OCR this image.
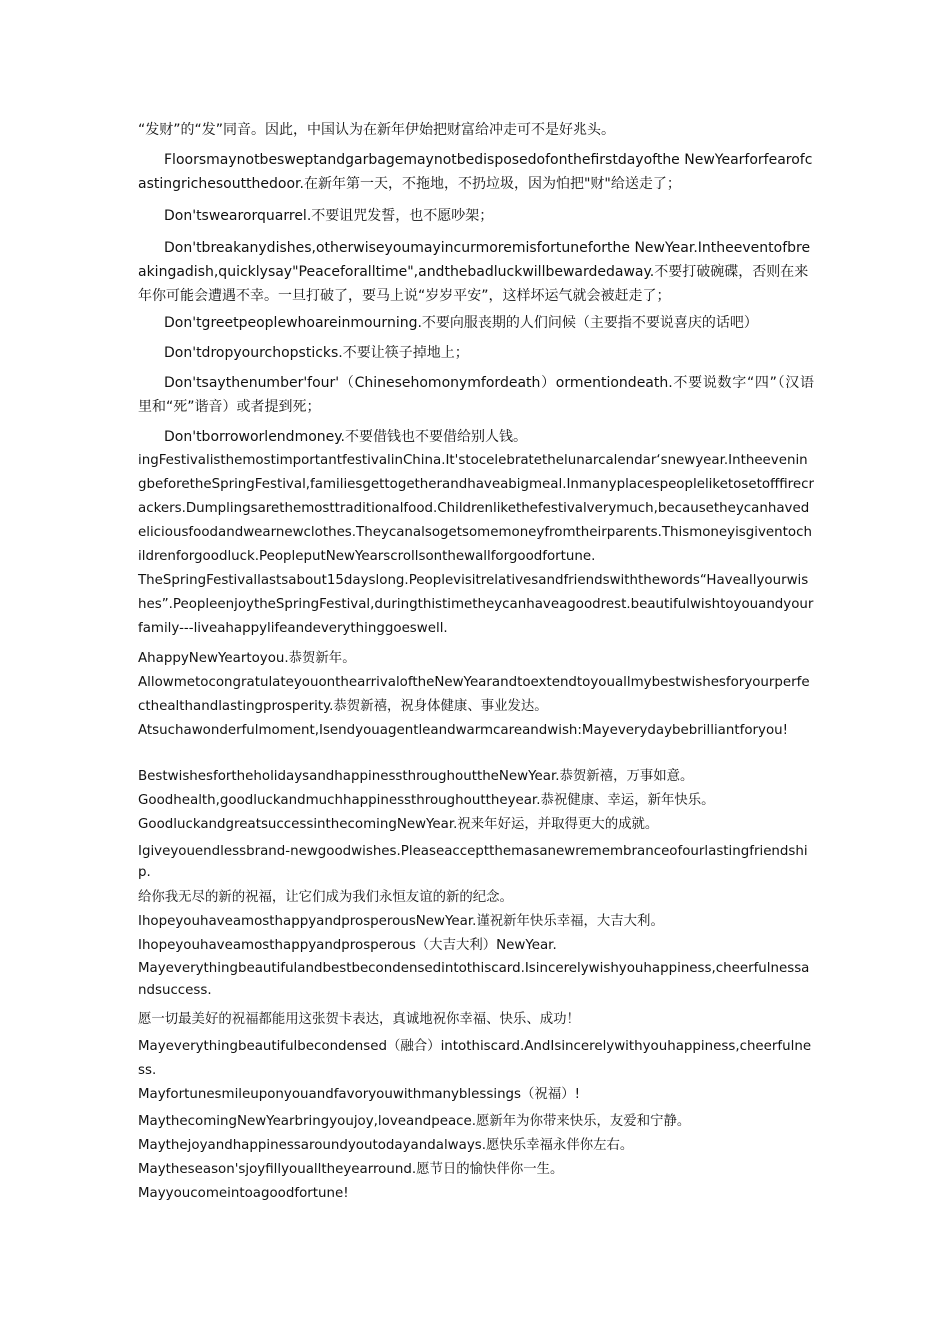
“发财”的“发”同音。因此，中国认为在新年伊始把财富给冲走可不是好兆头。

Floorsmaynotbesweptandgarbagemaynotbedisposedofonthefirstdayofthe NewYearforfearofcastingrichesoutthedoor.在新年第一天，不拖地，不扔垃圾，因为怕把"财"给送走了；

Don'tswearorquarrel.不要诅咒发誓，也不愿吵架；

Don'tbreakanydishes,otherwiseyoumayincurmoremisfortuneforthe NewYear.Intheeventofbreakingadish,quicklysay"Peaceforalltime",andthebadluckwillbewardedaway.不要打破碗碟，否则在来年你可能会遭遇不幸。一旦打破了，要马上说“岁岁平安”，这样坏运气就会被赶走了；

Don'tgreetpeoplewhoareinmourning.不要向服丧期的人们问候（主要指不要说喜庆的话吧）

Don'tdropyourchopsticks.不要让筷子掉地上；

Don'tsaythenumber'four'（Chinesehomonymfordeath）ormentiondeath.不要说数字“四”（汉语里和“死”谐音）或者提到死；

Don'tborroworlendmoney.不要借钱也不要借给别人钱。

ingFestivalisthemostimportantfestivalinChina.It'stocelebratethelunarcalendar‘snewyear.IntheeveningbeforetheSpringFestival,familiesgettogetherandhaveabigmeal.Inmanyplacespeopleliketosetofffirecrackers.Dumplingsarethemosttraditionalfood.Childrenlikethefestivalverymuch,becausetheycanhavedeliciousfoodandwearnewclothes.Theycanalsogetsomemoneyfromtheirparents.Thismoneyisgiventochildrenforgoodluck.PeopleputNewYearscrollsonthewallforgoodfortune.

TheSpringFestivallastsabout15dayslong.Peoplevisitrelativesandfriendswiththewords“Haveallyourwishes”.PeopleenjoytheSpringFestival,duringthistimetheycanhaveagoodrest.beautifulwishtoyouandyourfamily---liveahappylifeandeverythinggoeswell.

AhappyNewYeartoyou.恭贺新年。

AllowmetocongratulateyouonthearrivaloftheNewYearandtoextendtoyouallmybestwishesforyourperfecthealthandlastingprosperity.恭贺新禧，祝身体健康、事业发达。

Atsuchawonderfulmoment,Isendyouagentleandwarmcareandwish:Mayeverydaybebrilliantforyou!

BestwishesfortheholidaysandhappinessthroughouttheNewYear.恭贺新禧，万事如意。

Goodhealth,goodluckandmuchhappinessthroughouttheyear.恭祝健康、幸运，新年快乐。

GoodluckandgreatsuccessinthecomingNewYear.祝来年好运，并取得更大的成就。

Igiveyouendlessbrand-newgoodwishes.Pleaseacceptthemasanewremembranceofourlastingfriendship.

给你我无尽的新的祝福，让它们成为我们永恒友谊的新的纪念。

IhopeyouhaveamosthappyandprosperousNewYear.谨祝新年快乐幸福，大吉大利。

Ihopeyouhaveamosthappyandprosperous（大吉大利）NewYear.

Mayeverythingbeautifulandbestbecondensedintothiscard.Isincerelywishyouhappiness,cheerfulnessandsuccess.

愿一切最美好的祝福都能用这张贺卡表达，真诚地祝你幸福、快乐、成功！

Mayeverythingbeautifulbecondensed（融合）intothiscard.AndIsincerelywithyouhappiness,cheerfulness.

Mayfortunesmileuponyouandfavoryouwithmanyblessings（祝福）!

MaythecomingNewYearbringyoujoy,loveandpeace.愿新年为你带来快乐，友爱和宁静。

Maythejoyandhappinessaroundyoutodayandalways.愿快乐幸福永伴你左右。

Maytheseason'sjoyfillyoualltheyearround.愿节日的愉快伴你一生。

Mayyoucomeintoagoodfortune!
